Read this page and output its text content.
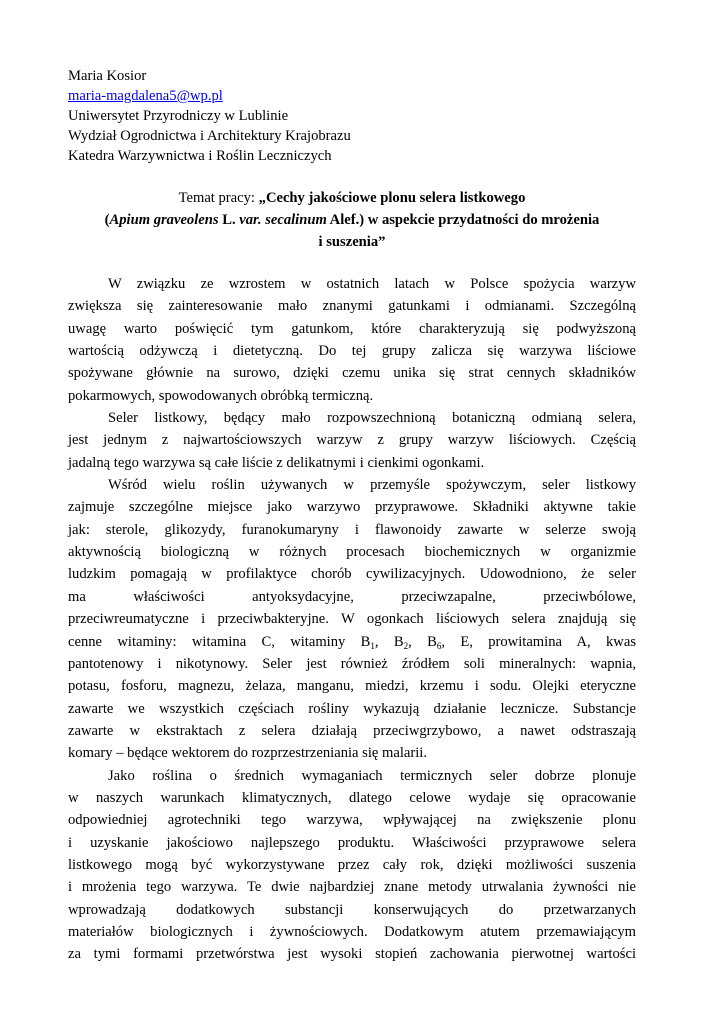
Maria Kosior
maria-magdalena5@wp.pl
Uniwersytet Przyrodniczy w Lublinie
Wydział Ogrodnictwa i Architektury Krajobrazu
Katedra Warzywnictwa i Roślin Leczniczych
Temat pracy: „Cechy jakościowe plonu selera listkowego
(Apium graveolens L. var. secalinum Alef.) w aspekcie przydatności do mrożenia
i suszenia”
W związku ze wzrostem w ostatnich latach w Polsce spożycia warzyw
zwiększa się zainteresowanie mało znanymi gatunkami i odmianami. Szczególną
uwagę warto poświęcić tym gatunkom, które charakteryzują się podwyższoną
wartością odżywczą i dietetyczną. Do tej grupy zalicza się warzywa liściowe
spożywane głównie na surowo, dzięki czemu unika się strat cennych składników
pokarmowych, spowodowanych obróbką termiczną.
Seler listkowy, będący mało rozpowszechnioną botaniczną odmianą selera,
jest jednym z najwartościowszych warzyw z grupy warzyw liściowych. Częścią
jadalną tego warzywa są całe liście z delikatnymi i cienkimi ogonkami.
Wśród wielu roślin używanych w przemyśle spożywczym, seler listkowy
zajmuje szczególne miejsce jako warzywo przyprawowe. Składniki aktywne takie
jak: sterole, glikozydy, furanokumaryny i flawonoidy zawarte w selerze swoją
aktywnością biologiczną w różnych procesach biochemicznych w organizmie
ludzkim pomagają w profilaktyce chorób cywilizacyjnych. Udowodniono, że seler
ma właściwości antyoksydacyjne, przeciwzapalne, przeciwbólowe,
przeciwreumatyczne i przeciwbakteryjne. W ogonkach liściowych selera znajdują się
cenne witaminy: witamina C, witaminy $B_1$, $B_2$, $B_6$, E, prowitamina A, kwas
pantotenowy i nikotynowy. Seler jest również źródłem soli mineralnych: wapnia,
potasu, fosforu, magnezu, żelaza, manganu, miedzi, krzemu i sodu. Olejki eteryczne
zawarte we wszystkich częściach rośliny wykazują działanie lecznicze. Substancje
zawarte w ekstraktach z selera działają przeciwgrzybowo, a nawet odstraszają
komary – będące wektorem do rozprzestrzeniania się malarii.
Jako roślina o średnich wymaganiach termicznych seler dobrze plonuje
w naszych warunkach klimatycznych, dlatego celowe wydaje się opracowanie
odpowiedniej agrotechniki tego warzywa, wpływającej na zwiększenie plonu
i uzyskanie jakościowo najlepszego produktu. Właściwości przyprawowe selera
listkowego mogą być wykorzystywane przez cały rok, dzięki możliwości suszenia
i mrożenia tego warzywa. Te dwie najbardziej znane metody utrwalania żywności nie
wprowadzają dodatkowych substancji konserwujących do przetwarzanych
materiałów biologicznych i żywnościowych. Dodatkowym atutem przemawiającym
za tymi formami przetwórstwa jest wysoki stopień zachowania pierwotnej wartości
